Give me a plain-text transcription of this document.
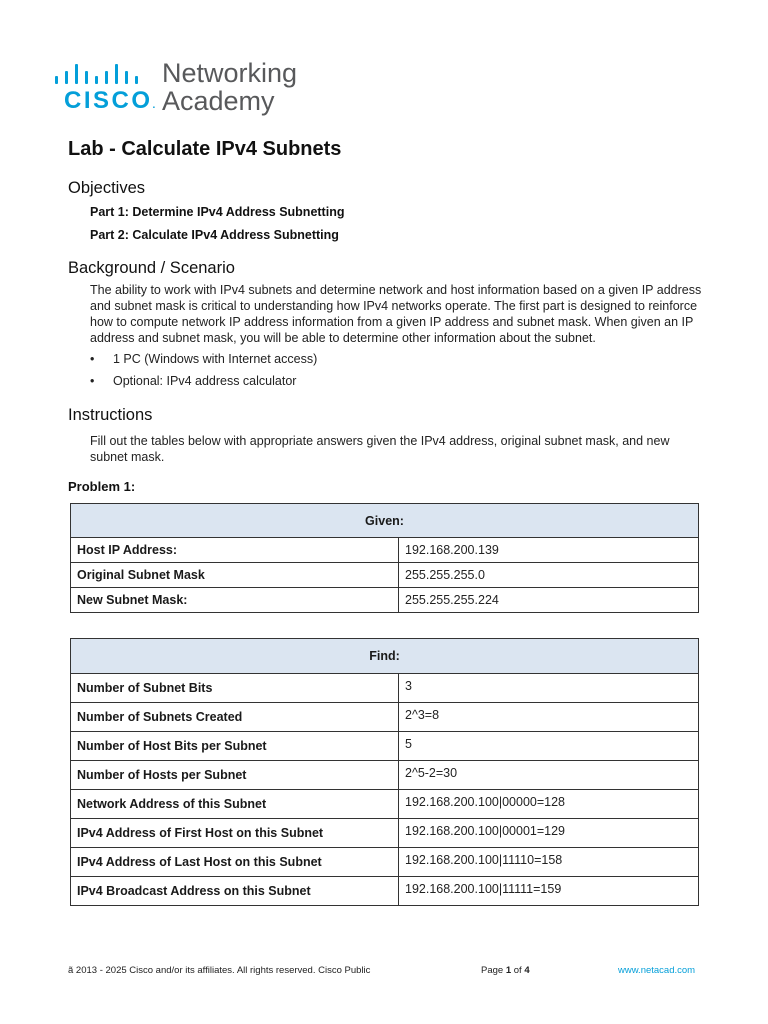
CISCO.
Networking
Academy
Lab - Calculate IPv4 Subnets
Objectives
Part 1: Determine IPv4 Address Subnetting
Part 2: Calculate IPv4 Address Subnetting
Background / Scenario
The ability to work with IPv4 subnets and determine network and host information based on a given IP address and subnet mask is critical to understanding how IPv4 networks operate. The first part is designed to reinforce how to compute network IP address information from a given IP address and subnet mask. When given an IP address and subnet mask, you will be able to determine other information about the subnet.
• 1 PC (Windows with Internet access)
• Optional: IPv4 address calculator
Instructions
Fill out the tables below with appropriate answers given the IPv4 address, original subnet mask, and new subnet mask.
Problem 1:
Given:	
Host IP Address:	192.168.200.139
Original Subnet Mask	255.255.255.0
New Subnet Mask:	255.255.255.224
Find:	
Number of Subnet Bits	3
Number of Subnets Created	2^3=8
Number of Host Bits per Subnet	5
Number of Hosts per Subnet	2^5-2=30
Network Address of this Subnet	192.168.200.100|00000=128
IPv4 Address of First Host on this Subnet	192.168.200.100|00001=129
IPv4 Address of Last Host on this Subnet	192.168.200.100|11110=158
IPv4 Broadcast Address on this Subnet	192.168.200.100|11111=159
ã 2013 - 2025 Cisco and/or its affiliates. All rights reserved. Cisco Public	Page 1 of 4	www.netacad.com
